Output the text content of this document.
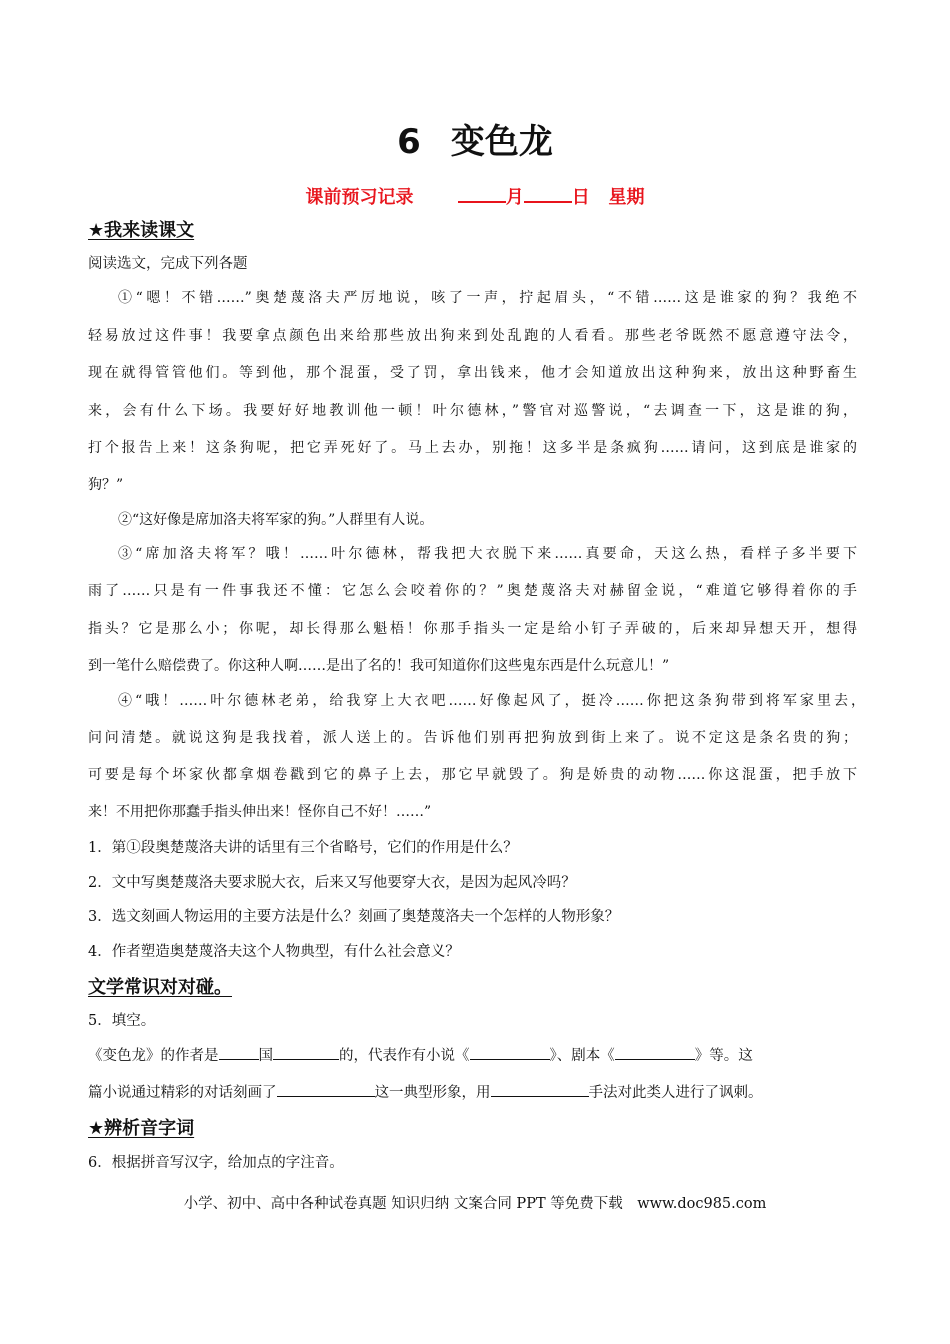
6 变色龙
课前预习记录	月	日 星期
★我来读课文
阅读选文，完成下列各题
①“嗯！不错……”奥楚蔑洛夫严厉地说，咳了一声，拧起眉头，“不错……这是谁家的狗？我绝不
轻易放过这件事！我要拿点颜色出来给那些放出狗来到处乱跑的人看看。那些老爷既然不愿意遵守法令，
现在就得管管他们。等到他，那个混蛋，受了罚，拿出钱来，他才会知道放出这种狗来，放出这种野畜生
来，会有什么下场。我要好好地教训他一顿！叶尔德林，”警官对巡警说，“去调查一下，这是谁的狗，
打个报告上来！这条狗呢，把它弄死好了。马上去办，别拖！这多半是条疯狗……请问，这到底是谁家的
狗？”
②“这好像是席加洛夫将军家的狗。”人群里有人说。
③“席加洛夫将军？哦！……叶尔德林，帮我把大衣脱下来……真要命，天这么热，看样子多半要下
雨了……只是有一件事我还不懂：它怎么会咬着你的？”奥楚蔑洛夫对赫留金说，“难道它够得着你的手
指头？它是那么小；你呢，却长得那么魁梧！你那手指头一定是给小钉子弄破的，后来却异想天开，想得
到一笔什么赔偿费了。你这种人啊……是出了名的！我可知道你们这些鬼东西是什么玩意儿！”
④“哦！……叶尔德林老弟，给我穿上大衣吧……好像起风了，挺冷……你把这条狗带到将军家里去，
问问清楚。就说这狗是我找着，派人送上的。告诉他们别再把狗放到街上来了。说不定这是条名贵的狗；
可要是每个坏家伙都拿烟卷戳到它的鼻子上去，那它早就毁了。狗是娇贵的动物……你这混蛋，把手放下
来！不用把你那蠢手指头伸出来！怪你自己不好！……”
1．第①段奥楚蔑洛夫讲的话里有三个省略号，它们的作用是什么？
2．文中写奥楚蔑洛夫要求脱大衣，后来又写他要穿大衣，是因为起风冷吗？
3．选文刻画人物运用的主要方法是什么？刻画了奥楚蔑洛夫一个怎样的人物形象？
4．作者塑造奥楚蔑洛夫这个人物典型，有什么社会意义？
文学常识对对碰。
5．填空。
《变色龙》的作者是	国	的，代表作有小说《	》、剧本《	》等。这
篇小说通过精彩的对话刻画了	这一典型形象，用	手法对此类人进行了讽刺。
★辨析音字词
6．根据拼音写汉字，给加点的字注音。
小学、初中、高中各种试卷真题 知识归纳 文案合同 PPT 等免费下载　www.doc985.com
